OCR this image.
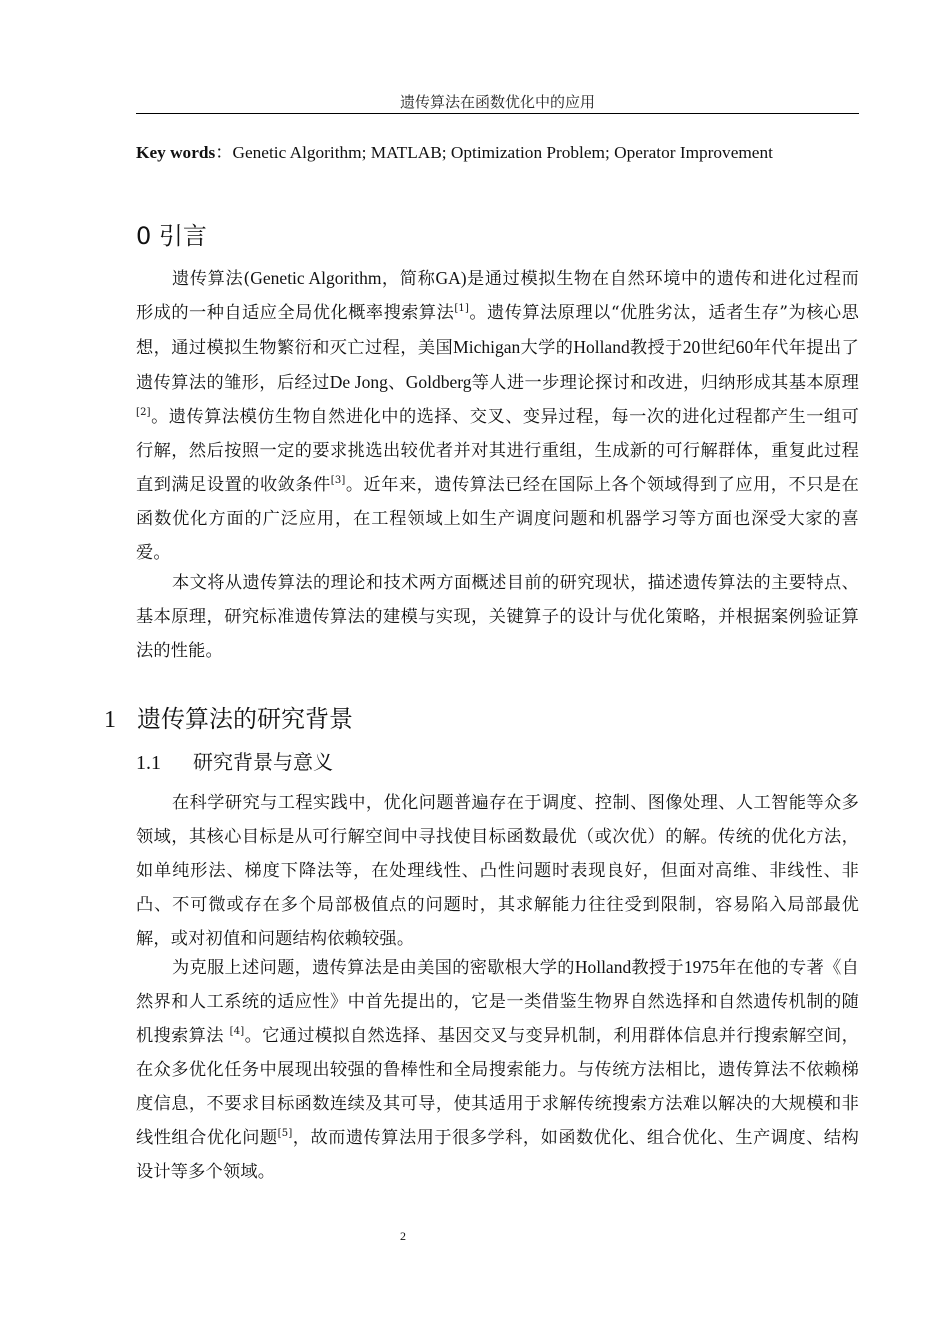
遗传算法在函数优化中的应用
Key words：Genetic Algorithm; MATLAB; Optimization Problem; Operator Improvement
0 引言

遗传算法(Genetic Algorithm，简称GA)是通过模拟生物在自然环境中的遗传和进化过程而形成的一种自适应全局优化概率搜索算法[1]。遗传算法原理以“优胜劣汰，适者生存”为核心思想，通过模拟生物繁衍和灭亡过程，美国Michigan大学的Holland教授于20世纪60年代年提出了遗传算法的雏形，后经过De Jong、Goldberg等人进一步理论探讨和改进，归纳形成其基本原理[2]。遗传算法模仿生物自然进化中的选择、交叉、变异过程，每一次的进化过程都产生一组可行解，然后按照一定的要求挑选出较优者并对其进行重组，生成新的可行解群体，重复此过程直到满足设置的收敛条件[3]。近年来，遗传算法已经在国际上各个领域得到了应用，不只是在函数优化方面的广泛应用，在工程领域上如生产调度问题和机器学习等方面也深受大家的喜爱。

本文将从遗传算法的理论和技术两方面概述目前的研究现状，描述遗传算法的主要特点、基本原理，研究标准遗传算法的建模与实现，关键算子的设计与优化策略，并根据案例验证算法的性能。

1 遗传算法的研究背景
1.1 研究背景与意义

在科学研究与工程实践中，优化问题普遍存在于调度、控制、图像处理、人工智能等众多领域，其核心目标是从可行解空间中寻找使目标函数最优（或次优）的解。传统的优化方法，如单纯形法、梯度下降法等，在处理线性、凸性问题时表现良好，但面对高维、非线性、非凸、不可微或存在多个局部极值点的问题时，其求解能力往往受到限制，容易陷入局部最优解，或对初值和问题结构依赖较强。

为克服上述问题，遗传算法是由美国的密歇根大学的Holland教授于1975年在他的专著《自然界和人工系统的适应性》中首先提出的，它是一类借鉴生物界自然选择和自然遗传机制的随机搜索算法 [4]。它通过模拟自然选择、基因交叉与变异机制，利用群体信息并行搜索解空间，在众多优化任务中展现出较强的鲁棒性和全局搜索能力。与传统方法相比，遗传算法不依赖梯度信息，不要求目标函数连续及其可导，使其适用于求解传统搜索方法难以解决的大规模和非线性组合优化问题[5]，故而遗传算法用于很多学科，如函数优化、组合优化、生产调度、结构设计等多个领域。

2
